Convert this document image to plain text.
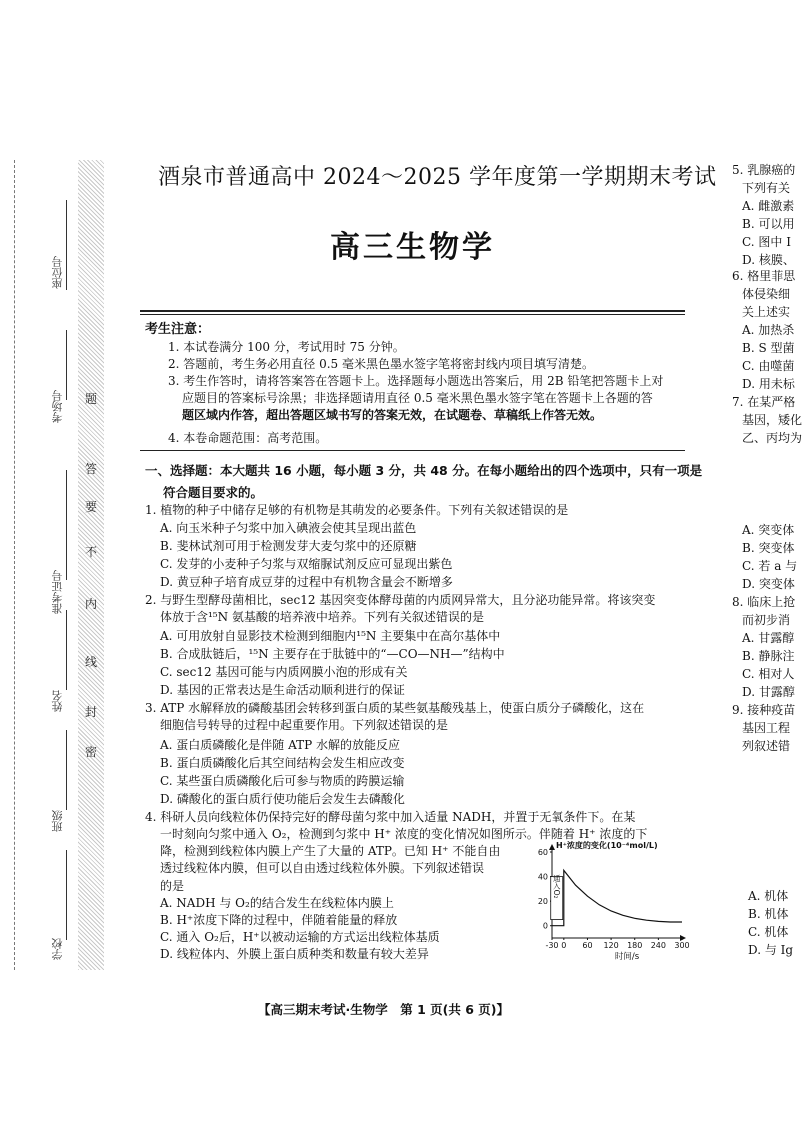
题
答
要
不
内
线
封
密
座位号
考场号
准考证号
姓名
班级
学校
酒泉市普通高中 2024～2025 学年度第一学期期末考试
高三生物学
考生注意：
1. 本试卷满分 100 分，考试用时 75 分钟。
2. 答题前，考生务必用直径 0.5 毫米黑色墨水签字笔将密封线内项目填写清楚。
3. 考生作答时，请将答案答在答题卡上。选择题每小题选出答案后，用 2B 铅笔把答题卡上对
应题目的答案标号涂黑；非选择题请用直径 0.5 毫米黑色墨水签字笔在答题卡上各题的答
题区域内作答，超出答题区域书写的答案无效，在试题卷、草稿纸上作答无效。
4. 本卷命题范围：高考范围。
一、选择题：本大题共 16 小题，每小题 3 分，共 48 分。在每小题给出的四个选项中，只有一项是
符合题目要求的。
1. 植物的种子中储存足够的有机物是其萌发的必要条件。下列有关叙述错误的是
A. 向玉米种子匀浆中加入碘液会使其呈现出蓝色
B. 斐林试剂可用于检测发芽大麦匀浆中的还原糖
C. 发芽的小麦种子匀浆与双缩脲试剂反应可显现出紫色
D. 黄豆种子培育成豆芽的过程中有机物含量会不断增多
2. 与野生型酵母菌相比，sec12 基因突变体酵母菌的内质网异常大，且分泌功能异常。将该突变
体放于含¹⁵N 氨基酸的培养液中培养。下列有关叙述错误的是
A. 可用放射自显影技术检测到细胞内¹⁵N 主要集中在高尔基体中
B. 合成肽链后，¹⁵N 主要存在于肽链中的“—CO—NH—”结构中
C. sec12 基因可能与内质网膜小泡的形成有关
D. 基因的正常表达是生命活动顺利进行的保证
3. ATP 水解释放的磷酸基团会转移到蛋白质的某些氨基酸残基上，使蛋白质分子磷酸化，这在
细胞信号转导的过程中起重要作用。下列叙述错误的是
A. 蛋白质磷酸化是伴随 ATP 水解的放能反应
B. 蛋白质磷酸化后其空间结构会发生相应改变
C. 某些蛋白质磷酸化后可参与物质的跨膜运输
D. 磷酸化的蛋白质行使功能后会发生去磷酸化
4. 科研人员向线粒体仍保持完好的酵母菌匀浆中加入适量 NADH，并置于无氧条件下。在某
一时刻向匀浆中通入 O₂，检测到匀浆中 H⁺ 浓度的变化情况如图所示。伴随着 H⁺ 浓度的下
降，检测到线粒体内膜上产生了大量的 ATP。已知 H⁺ 不能自由
透过线粒体内膜，但可以自由透过线粒体外膜。下列叙述错误
的是
A. NADH 与 O₂的结合发生在线粒体内膜上
B. H⁺浓度下降的过程中，伴随着能量的释放
C. 通入 O₂后，H⁺以被动运输的方式运出线粒体基质
D. 线粒体内、外膜上蛋白质种类和数量有较大差异
0
20
40
60
-30 0 60 120 180 240 300
通入O₂
H⁺浓度的变化(10⁻⁴mol/L)
时间/s
【高三期末考试·生物学　第 1 页(共 6 页)】
5. 乳腺癌的
下列有关
A. 雌激素
B. 可以用
C. 图中 I
D. 核膜、
6. 格里菲思
体侵染细
关上述实
A. 加热杀
B. S 型菌
C. 由噬菌
D. 用未标
7. 在某严格
基因，矮化
乙、丙均为
A. 突变体
B. 突变体
C. 若 a 与
D. 突变体
8. 临床上抢
而初步消
A. 甘露醇
B. 静脉注
C. 相对人
D. 甘露醇
9. 接种疫苗
基因工程
列叙述错
A. 机体
B. 机体
C. 机体
D. 与 Ig
